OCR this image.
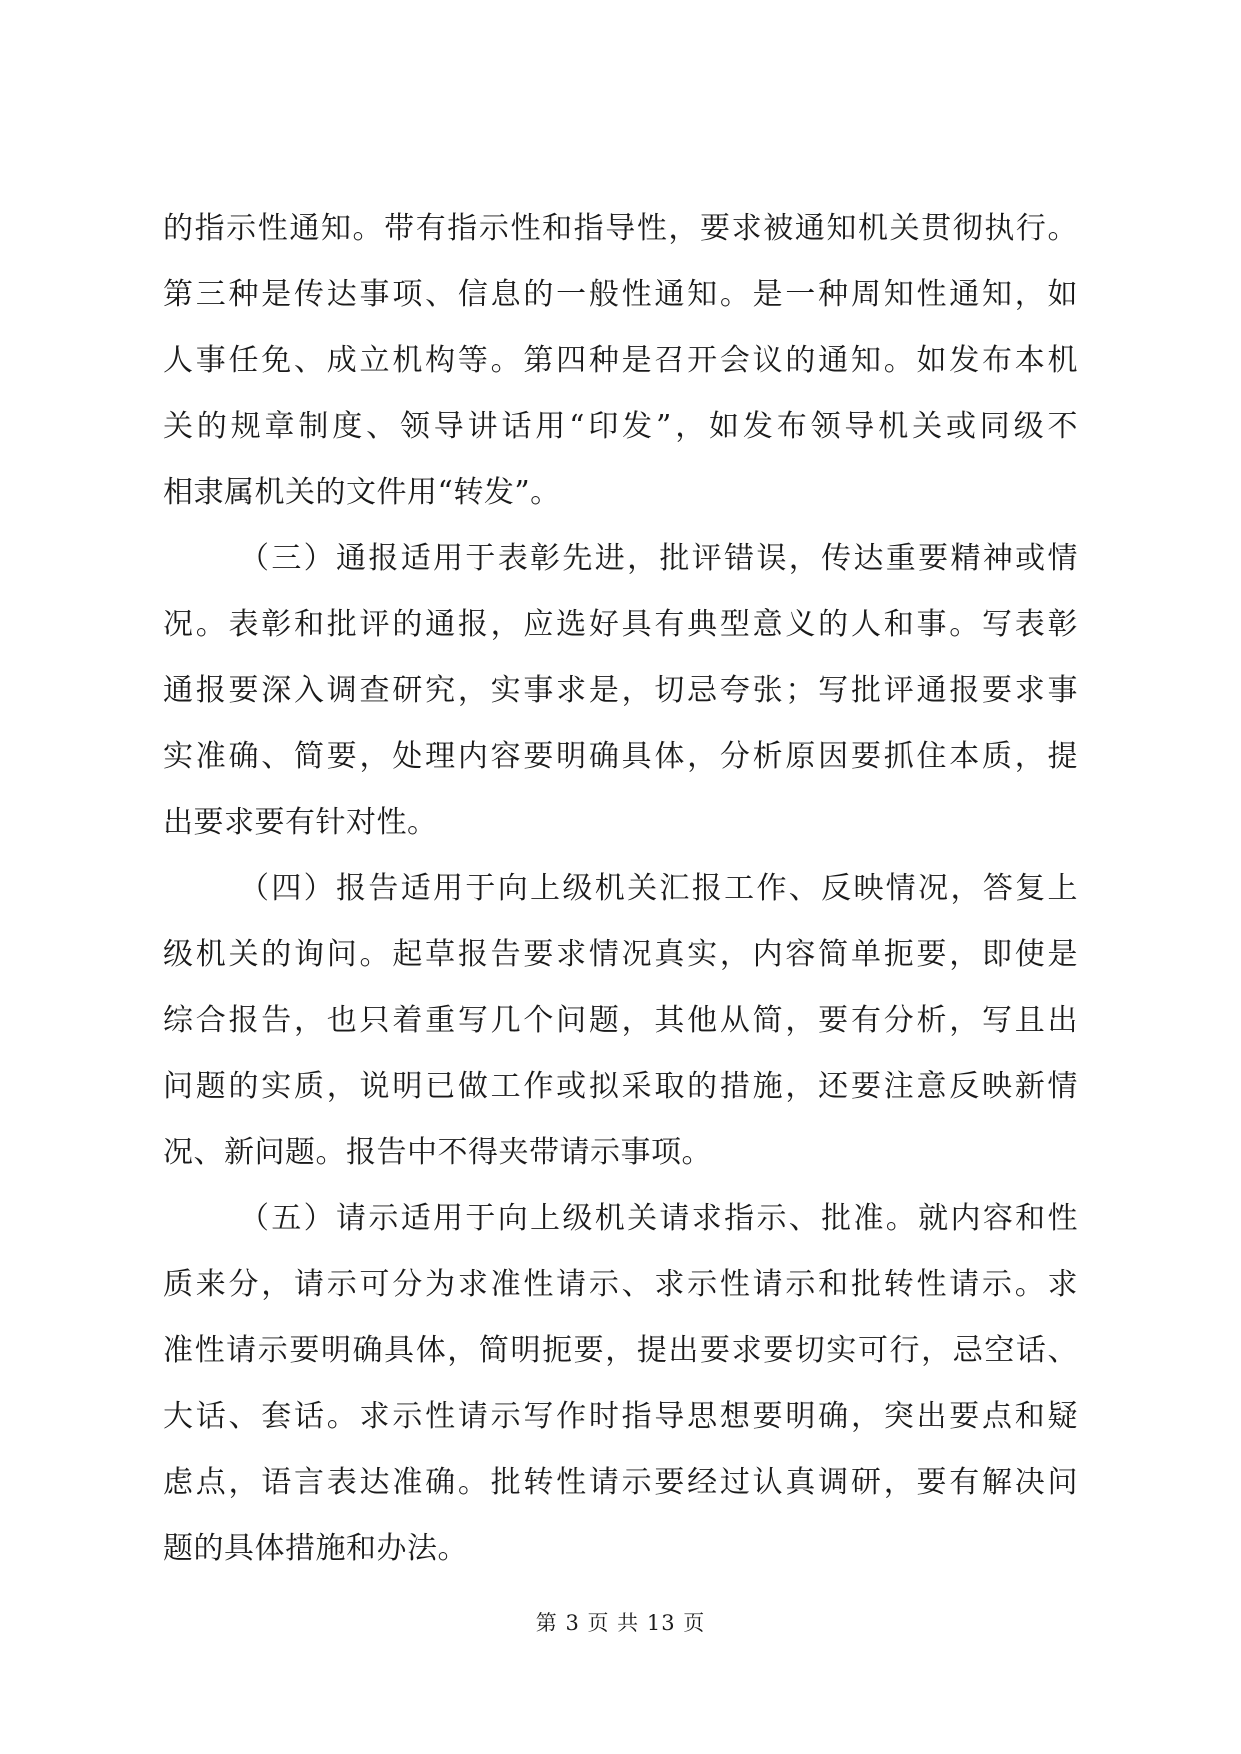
的指示性通知。带有指示性和指导性，要求被通知机关贯彻执行。
第三种是传达事项、信息的一般性通知。是一种周知性通知，如
人事任免、成立机构等。第四种是召开会议的通知。如发布本机
关的规章制度、领导讲话用“印发”，如发布领导机关或同级不
相隶属机关的文件用“转发”。
（三）通报适用于表彰先进，批评错误，传达重要精神或情
况。表彰和批评的通报，应选好具有典型意义的人和事。写表彰
通报要深入调查研究，实事求是，切忌夸张；写批评通报要求事
实准确、简要，处理内容要明确具体，分析原因要抓住本质，提
出要求要有针对性。
（四）报告适用于向上级机关汇报工作、反映情况，答复上
级机关的询问。起草报告要求情况真实，内容简单扼要，即使是
综合报告，也只着重写几个问题，其他从简，要有分析，写且出
问题的实质，说明已做工作或拟采取的措施，还要注意反映新情
况、新问题。报告中不得夹带请示事项。
（五）请示适用于向上级机关请求指示、批准。就内容和性
质来分，请示可分为求准性请示、求示性请示和批转性请示。求
准性请示要明确具体，简明扼要，提出要求要切实可行，忌空话、
大话、套话。求示性请示写作时指导思想要明确，突出要点和疑
虑点，语言表达准确。批转性请示要经过认真调研，要有解决问
题的具体措施和办法。
第 3 页 共 13 页
